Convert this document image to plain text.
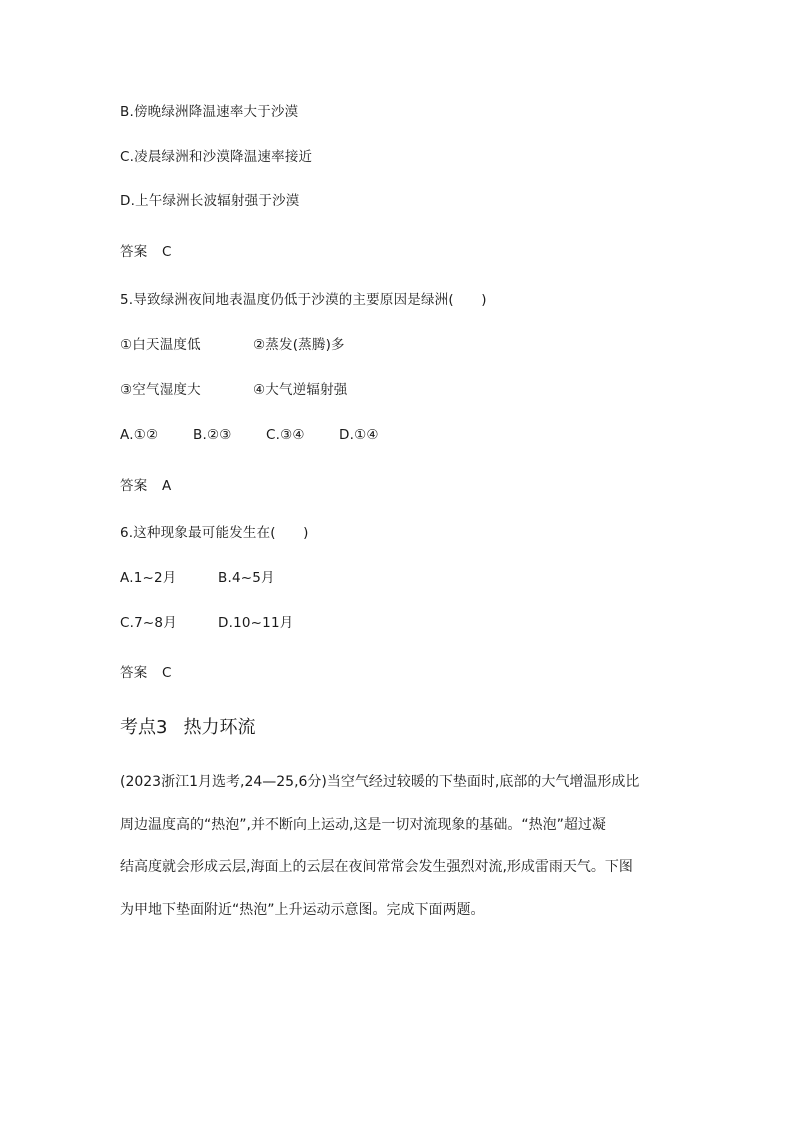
B.傍晚绿洲降温速率大于沙漠
C.凌晨绿洲和沙漠降温速率接近
D.上午绿洲长波辐射强于沙漠
答案 C
5.导致绿洲夜间地表温度仍低于沙漠的主要原因是绿洲(　　)
①白天温度低	②蒸发(蒸腾)多
③空气湿度大	④大气逆辐射强
A.①②	B.②③	C.③④	D.①④
答案 A
6.这种现象最可能发生在(　　)
A.1~2月	B.4~5月
C.7~8月	D.10~11月
答案 C
考点3 热力环流
(2023浙江1月选考,24—25,6分)当空气经过较暖的下垫面时,底部的大气增温形成比
周边温度高的“热泡”,并不断向上运动,这是一切对流现象的基础。“热泡”超过凝
结高度就会形成云层,海面上的云层在夜间常常会发生强烈对流,形成雷雨天气。下图
为甲地下垫面附近“热泡”上升运动示意图。完成下面两题。
